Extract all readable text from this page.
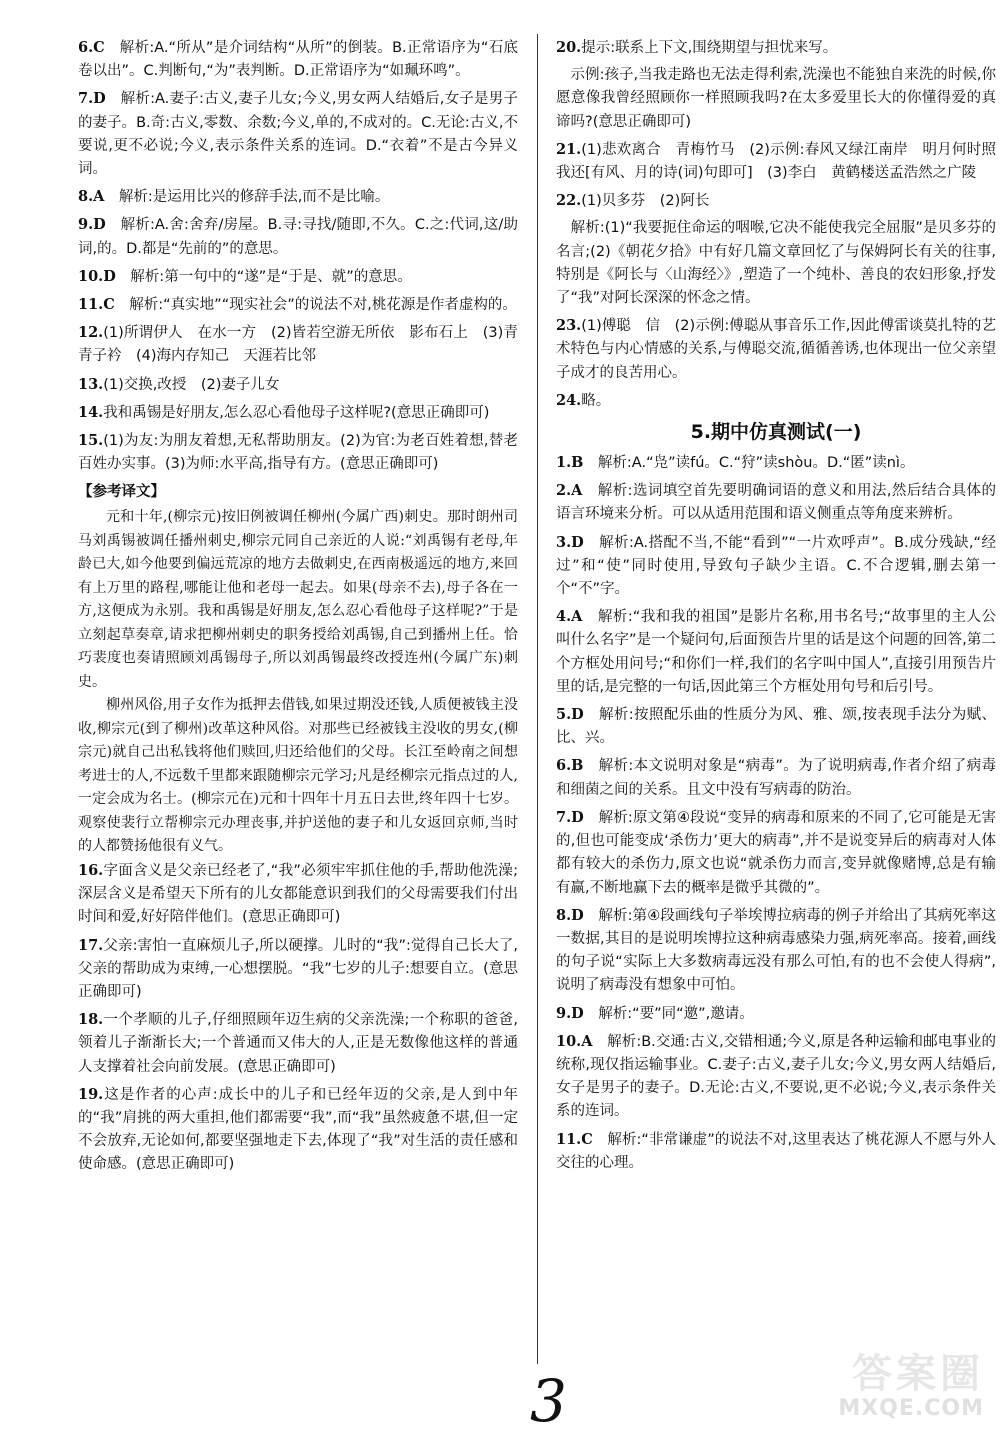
6.C　解析:A.“所从”是介词结构“从所”的倒装。B.正常语序为“石底卷以出”。C.判断句,“为”表判断。D.正常语序为“如珮环鸣”。

7.D　解析:A.妻子:古义,妻子儿女;今义,男女两人结婚后,女子是男子的妻子。B.奇:古义,零数、余数;今义,单的,不成对的。C.无论:古义,不要说,更不必说;今义,表示条件关系的连词。D.“衣着”不是古今异义词。

8.A　解析:是运用比兴的修辞手法,而不是比喻。

9.D　解析:A.舍:舍弃/房屋。B.寻:寻找/随即,不久。C.之:代词,这/助词,的。D.都是“先前的”的意思。

10.D　解析:第一句中的“遂”是“于是、就”的意思。

11.C　解析:“真实地”“现实社会”的说法不对,桃花源是作者虚构的。

12.(1)所谓伊人　在水一方　(2)皆若空游无所依　影布石上　(3)青青子衿　(4)海内存知己　天涯若比邻

13.(1)交换,改授　(2)妻子儿女

14.我和禹锡是好朋友,怎么忍心看他母子这样呢?(意思正确即可)

15.(1)为友:为朋友着想,无私帮助朋友。(2)为官:为老百姓着想,替老百姓办实事。(3)为师:水平高,指导有方。(意思正确即可)

【参考译文】

元和十年,(柳宗元)按旧例被调任柳州(今属广西)刺史。那时朗州司马刘禹锡被调任播州刺史,柳宗元同自己亲近的人说:“刘禹锡有老母,年龄已大,如今他要到偏远荒凉的地方去做刺史,在西南极遥远的地方,来回有上万里的路程,哪能让他和老母一起去。如果(母亲不去),母子各在一方,这便成为永别。我和禹锡是好朋友,怎么忍心看他母子这样呢?”于是立刻起草奏章,请求把柳州刺史的职务授给刘禹锡,自己到播州上任。恰巧裴度也奏请照顾刘禹锡母子,所以刘禹锡最终改授连州(今属广东)刺史。

柳州风俗,用子女作为抵押去借钱,如果过期没还钱,人质便被钱主没收,柳宗元(到了柳州)改革这种风俗。对那些已经被钱主没收的男女,(柳宗元)就自己出私钱将他们赎回,归还给他们的父母。长江至岭南之间想考进士的人,不远数千里都来跟随柳宗元学习;凡是经柳宗元指点过的人,一定会成为名士。(柳宗元在)元和十四年十月五日去世,终年四十七岁。观察使裴行立帮柳宗元办理丧事,并护送他的妻子和儿女返回京师,当时的人都赞扬他很有义气。

16.字面含义是父亲已经老了,“我”必须牢牢抓住他的手,帮助他洗澡;深层含义是希望天下所有的儿女都能意识到我们的父母需要我们付出时间和爱,好好陪伴他们。(意思正确即可)

17.父亲:害怕一直麻烦儿子,所以硬撑。儿时的“我”:觉得自己长大了,父亲的帮助成为束缚,一心想摆脱。“我”七岁的儿子:想要自立。(意思正确即可)

18.一个孝顺的儿子,仔细照顾年迈生病的父亲洗澡;一个称职的爸爸,领着儿子渐渐长大;一个普通而又伟大的人,正是无数像他这样的普通人支撑着社会向前发展。(意思正确即可)

19.这是作者的心声:成长中的儿子和已经年迈的父亲,是人到中年的“我”肩挑的两大重担,他们都需要“我”,而“我”虽然疲惫不堪,但一定不会放弃,无论如何,都要坚强地走下去,体现了“我”对生活的责任感和使命感。(意思正确即可)

20.提示:联系上下文,围绕期望与担忧来写。

　示例:孩子,当我走路也无法走得利索,洗澡也不能独自来洗的时候,你愿意像我曾经照顾你一样照顾我吗?在太多爱里长大的你懂得爱的真谛吗?(意思正确即可)

21.(1)悲欢离合　青梅竹马　(2)示例:春风又绿江南岸　明月何时照我还[有风、月的诗(词)句即可]　(3)李白　黄鹤楼送孟浩然之广陵

22.(1)贝多芬　(2)阿长

　解析:(1)“我要扼住命运的咽喉,它决不能使我完全屈服”是贝多芬的名言;(2)《朝花夕拾》中有好几篇文章回忆了与保姆阿长有关的往事,特别是《阿长与〈山海经〉》,塑造了一个纯朴、善良的农妇形象,抒发了“我”对阿长深深的怀念之情。

23.(1)傅聪　信　(2)示例:傅聪从事音乐工作,因此傅雷谈莫扎特的艺术特色与内心情感的关系,与傅聪交流,循循善诱,也体现出一位父亲望子成才的良苦用心。

24.略。

5.期中仿真测试(一)

1.B　解析:A.“凫”读fú。C.“狩”读shòu。D.“匿”读nì。

2.A　解析:选词填空首先要明确词语的意义和用法,然后结合具体的语言环境来分析。可以从适用范围和语义侧重点等角度来辨析。

3.D　解析:A.搭配不当,不能“看到”“一片欢呼声”。B.成分残缺,“经过”和“使”同时使用,导致句子缺少主语。C.不合逻辑,删去第一个“不”字。

4.A　解析:“我和我的祖国”是影片名称,用书名号;“故事里的主人公叫什么名字”是一个疑问句,后面预告片里的话是这个问题的回答,第二个方框处用问号;“和你们一样,我们的名字叫中国人”,直接引用预告片里的话,是完整的一句话,因此第三个方框处用句号和后引号。

5.D　解析:按照配乐曲的性质分为风、雅、颂,按表现手法分为赋、比、兴。

6.B　解析:本文说明对象是“病毒”。为了说明病毒,作者介绍了病毒和细菌之间的关系。且文中没有写病毒的防治。

7.D　解析:原文第④段说“变异的病毒和原来的不同了,它可能是无害的,但也可能变成‘杀伤力’更大的病毒”,并不是说变异后的病毒对人体都有较大的杀伤力,原文也说“就杀伤力而言,变异就像赌博,总是有输有赢,不断地赢下去的概率是微乎其微的”。

8.D　解析:第④段画线句子举埃博拉病毒的例子并给出了其病死率这一数据,其目的是说明埃博拉这种病毒感染力强,病死率高。接着,画线的句子说“实际上大多数病毒远没有那么可怕,有的也不会使人得病”,说明了病毒没有想象中可怕。

9.D　解析:“要”同“邀”,邀请。

10.A　解析:B.交通:古义,交错相通;今义,原是各种运输和邮电事业的统称,现仅指运输事业。C.妻子:古义,妻子儿女;今义,男女两人结婚后,女子是男子的妻子。D.无论:古义,不要说,更不必说;今义,表示条件关系的连词。

11.C　解析:“非常谦虚”的说法不对,这里表达了桃花源人不愿与外人交往的心理。

3	答案圈
MXQE.COM
